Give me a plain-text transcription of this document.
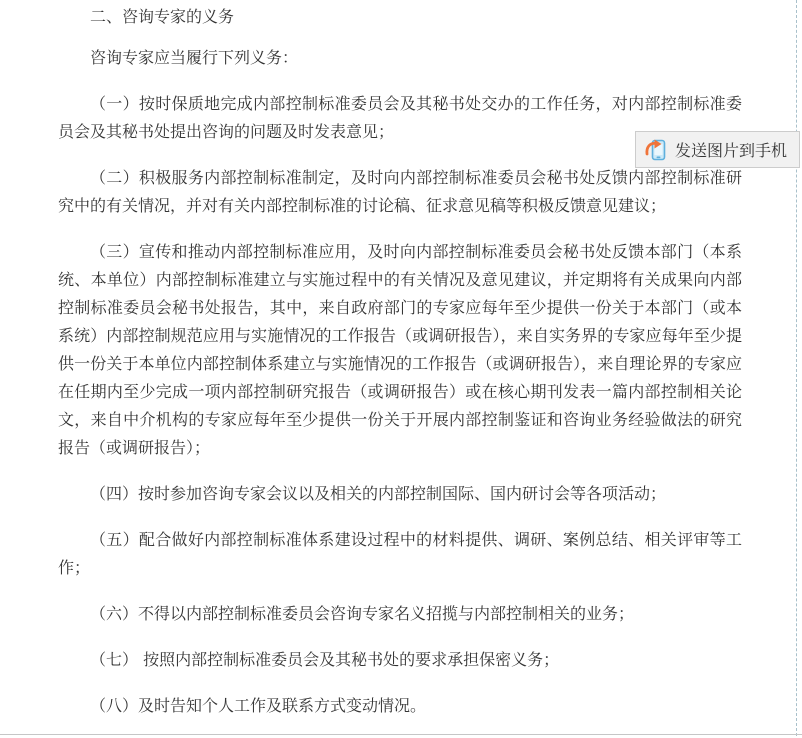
二、咨询专家的义务

咨询专家应当履行下列义务：

（一）按时保质地完成内部控制标准委员会及其秘书处交办的工作任务，对内部控制标准委员会及其秘书处提出咨询的问题及时发表意见；

（二）积极服务内部控制标准制定，及时向内部控制标准委员会秘书处反馈内部控制标准研究中的有关情况，并对有关内部控制标准的讨论稿、征求意见稿等积极反馈意见建议；

（三）宣传和推动内部控制标准应用，及时向内部控制标准委员会秘书处反馈本部门（本系统、本单位）内部控制标准建立与实施过程中的有关情况及意见建议，并定期将有关成果向内部控制标准委员会秘书处报告，其中，来自政府部门的专家应每年至少提供一份关于本部门（或本系统）内部控制规范应用与实施情况的工作报告（或调研报告），来自实务界的专家应每年至少提供一份关于本单位内部控制体系建立与实施情况的工作报告（或调研报告），来自理论界的专家应在任期内至少完成一项内部控制研究报告（或调研报告）或在核心期刊发表一篇内部控制相关论文，来自中介机构的专家应每年至少提供一份关于开展内部控制鉴证和咨询业务经验做法的研究报告（或调研报告）；

（四）按时参加咨询专家会议以及相关的内部控制国际、国内研讨会等各项活动；

（五）配合做好内部控制标准体系建设过程中的材料提供、调研、案例总结、相关评审等工作；

（六）不得以内部控制标准委员会咨询专家名义招揽与内部控制相关的业务；

（七） 按照内部控制标准委员会及其秘书处的要求承担保密义务；

（八）及时告知个人工作及联系方式变动情况。

发送图片到手机
